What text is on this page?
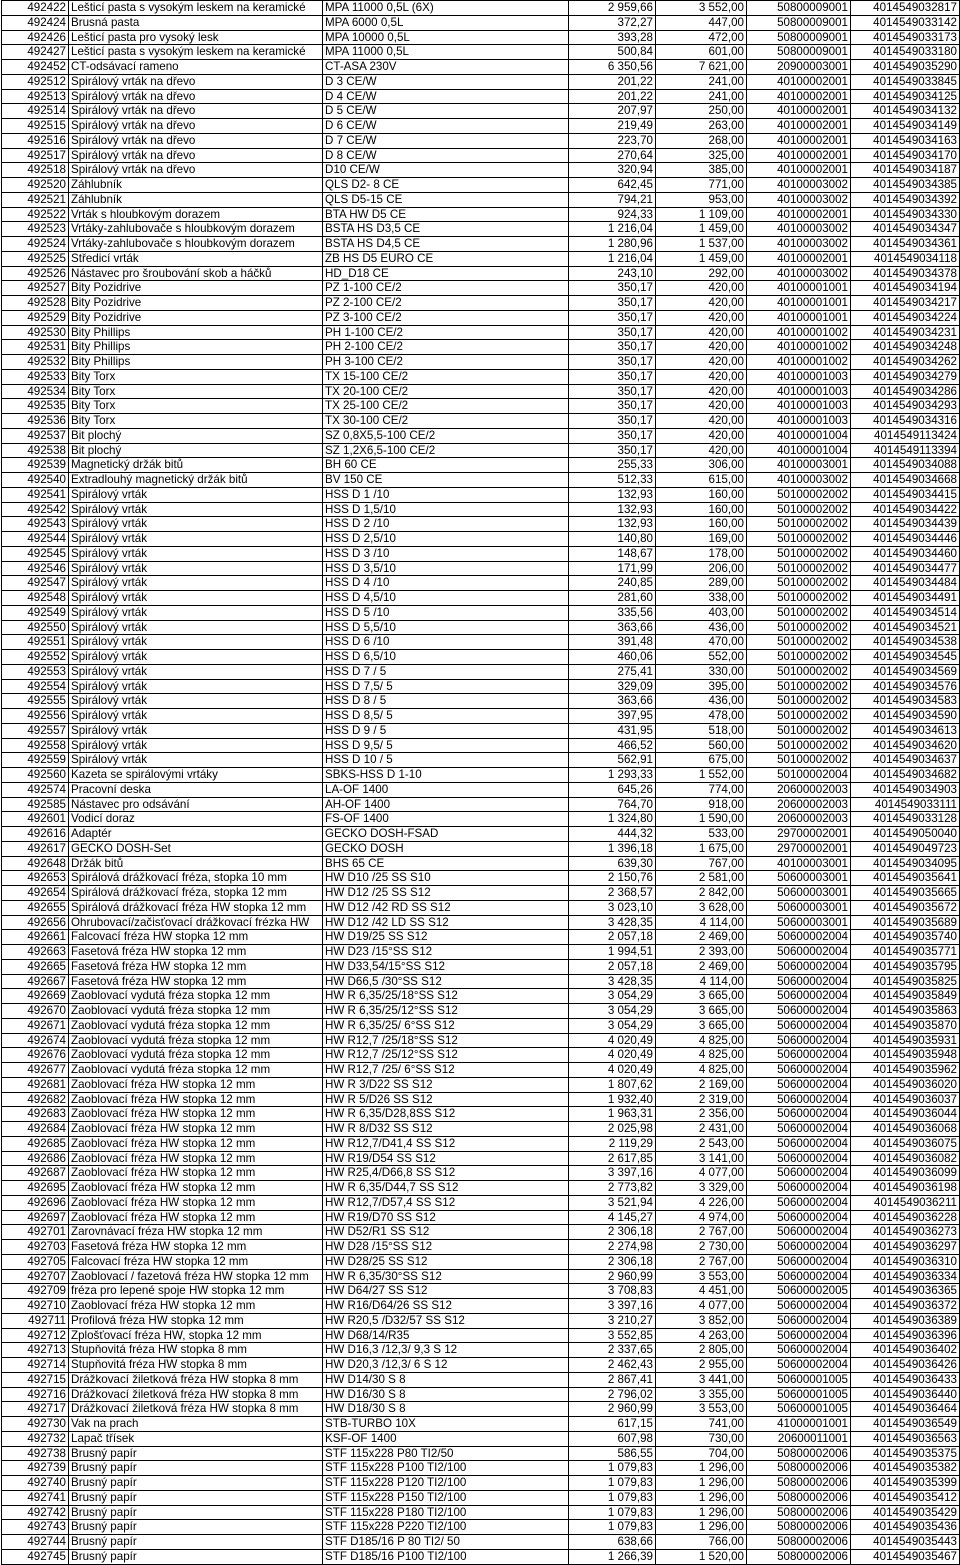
492422	Lešticí pasta s vysokým leskem na keramické	MPA 11000 0,5L (6X)	2 959,66	3 552,00	50800009001	4014549032817
492424	Brusná pasta	MPA 6000 0,5L	372,27	447,00	50800009001	4014549033142
492426	Lešticí pasta pro vysoký lesk	MPA 10000 0,5L	393,28	472,00	50800009001	4014549033173
492427	Lešticí pasta s vysokým leskem na keramické	MPA 11000 0,5L	500,84	601,00	50800009001	4014549033180
492452	CT-odsávací rameno	CT-ASA 230V	6 350,56	7 621,00	20900003001	4014549035290
492512	Spirálový vrták na dřevo	D 3 CE/W	201,22	241,00	40100002001	4014549033845
492513	Spirálový vrták na dřevo	D 4 CE/W	201,22	241,00	40100002001	4014549034125
492514	Spirálový vrták na dřevo	D 5 CE/W	207,97	250,00	40100002001	4014549034132
492515	Spirálový vrták na dřevo	D 6 CE/W	219,49	263,00	40100002001	4014549034149
492516	Spirálový vrták na dřevo	D 7 CE/W	223,70	268,00	40100002001	4014549034163
492517	Spirálový vrták na dřevo	D 8 CE/W	270,64	325,00	40100002001	4014549034170
492518	Spirálový vrták na dřevo	D10 CE/W	320,94	385,00	40100002001	4014549034187
492520	Záhlubník	QLS D2- 8 CE	642,45	771,00	40100003002	4014549034385
492521	Záhlubník	QLS D5-15 CE	794,21	953,00	40100003002	4014549034392
492522	Vrták s hloubkovým dorazem	BTA HW D5 CE	924,33	1 109,00	40100002001	4014549034330
492523	Vrtáky-zahlubovače s hloubkovým dorazem	BSTA HS D3,5 CE	1 216,04	1 459,00	40100003002	4014549034347
492524	Vrtáky-zahlubovače s hloubkovým dorazem	BSTA HS D4,5 CE	1 280,96	1 537,00	40100003002	4014549034361
492525	Středicí vrták	ZB HS D5 EURO CE	1 216,04	1 459,00	40100002001	4014549034118
492526	Nástavec pro šroubování skob a háčků	HD_D18 CE	243,10	292,00	40100003002	4014549034378
492527	Bity Pozidrive	PZ 1-100 CE/2	350,17	420,00	40100001001	4014549034194
492528	Bity Pozidrive	PZ 2-100 CE/2	350,17	420,00	40100001001	4014549034217
492529	Bity Pozidrive	PZ 3-100 CE/2	350,17	420,00	40100001001	4014549034224
492530	Bity Phillips	PH 1-100 CE/2	350,17	420,00	40100001002	4014549034231
492531	Bity Phillips	PH 2-100 CE/2	350,17	420,00	40100001002	4014549034248
492532	Bity Phillips	PH 3-100 CE/2	350,17	420,00	40100001002	4014549034262
492533	Bity Torx	TX 15-100 CE/2	350,17	420,00	40100001003	4014549034279
492534	Bity Torx	TX 20-100 CE/2	350,17	420,00	40100001003	4014549034286
492535	Bity Torx	TX 25-100 CE/2	350,17	420,00	40100001003	4014549034293
492536	Bity Torx	TX 30-100 CE/2	350,17	420,00	40100001003	4014549034316
492537	Bit plochý	SZ 0,8X5,5-100 CE/2	350,17	420,00	40100001004	4014549113424
492538	Bit plochý	SZ 1,2X6,5-100 CE/2	350,17	420,00	40100001004	4014549113394
492539	Magnetický držák bitů	BH 60 CE	255,33	306,00	40100003001	4014549034088
492540	Extradlouhý magnetický držák bitů	BV 150 CE	512,33	615,00	40100003002	4014549034668
492541	Spirálový vrták	HSS D 1 /10	132,93	160,00	50100002002	4014549034415
492542	Spirálový vrták	HSS D 1,5/10	132,93	160,00	50100002002	4014549034422
492543	Spirálový vrták	HSS D 2 /10	132,93	160,00	50100002002	4014549034439
492544	Spirálový vrták	HSS D 2,5/10	140,80	169,00	50100002002	4014549034446
492545	Spirálový vrták	HSS D 3 /10	148,67	178,00	50100002002	4014549034460
492546	Spirálový vrták	HSS D 3,5/10	171,99	206,00	50100002002	4014549034477
492547	Spirálový vrták	HSS D 4 /10	240,85	289,00	50100002002	4014549034484
492548	Spirálový vrták	HSS D 4,5/10	281,60	338,00	50100002002	4014549034491
492549	Spirálový vrták	HSS D 5 /10	335,56	403,00	50100002002	4014549034514
492550	Spirálový vrták	HSS D 5,5/10	363,66	436,00	50100002002	4014549034521
492551	Spirálový vrták	HSS D 6 /10	391,48	470,00	50100002002	4014549034538
492552	Spirálový vrták	HSS D 6,5/10	460,06	552,00	50100002002	4014549034545
492553	Spirálový vrták	HSS D 7 / 5	275,41	330,00	50100002002	4014549034569
492554	Spirálový vrták	HSS D 7,5/ 5	329,09	395,00	50100002002	4014549034576
492555	Spirálový vrták	HSS D 8 / 5	363,66	436,00	50100002002	4014549034583
492556	Spirálový vrták	HSS D 8,5/ 5	397,95	478,00	50100002002	4014549034590
492557	Spirálový vrták	HSS D 9 / 5	431,95	518,00	50100002002	4014549034613
492558	Spirálový vrták	HSS D 9,5/ 5	466,52	560,00	50100002002	4014549034620
492559	Spirálový vrták	HSS D 10 / 5	562,91	675,00	50100002002	4014549034637
492560	Kazeta se spirálovými vrtáky	SBKS-HSS D 1-10	1 293,33	1 552,00	50100002004	4014549034682
492574	Pracovní deska	LA-OF 1400	645,26	774,00	20600002003	4014549034903
492585	Nástavec pro odsávání	AH-OF 1400	764,70	918,00	20600002003	4014549033111
492601	Vodicí doraz	FS-OF 1400	1 324,80	1 590,00	20600002003	4014549033128
492616	Adaptér	GECKO DOSH-FSAD	444,32	533,00	29700002001	4014549050040
492617	GECKO DOSH-Set	GECKO DOSH	1 396,18	1 675,00	29700002001	4014549049723
492648	Držák bitů	BHS 65 CE	639,30	767,00	40100003001	4014549034095
492653	Spirálová drážkovací fréza, stopka 10 mm	HW D10 /25 SS S10	2 150,76	2 581,00	50600003001	4014549035641
492654	Spirálová drážkovací fréza, stopka 12 mm	HW D12 /25 SS S12	2 368,57	2 842,00	50600003001	4014549035665
492655	Spirálová drážkovací fréza HW stopka 12 mm	HW D12 /42 RD SS S12	3 023,10	3 628,00	50600003001	4014549035672
492656	Ohrubovací/začisťovací drážkovací frézka HW	HW D12 /42 LD SS S12	3 428,35	4 114,00	50600003001	4014549035689
492661	Falcovací fréza HW stopka 12 mm	HW D19/25 SS S12	2 057,18	2 469,00	50600002004	4014549035740
492663	Fasetová fréza HW stopka 12 mm	HW D23 /15°SS S12	1 994,51	2 393,00	50600002004	4014549035771
492665	Fasetová fréza HW stopka 12 mm	HW D33,54/15°SS S12	2 057,18	2 469,00	50600002004	4014549035795
492667	Fasetová fréza HW stopka 12 mm	HW D66,5 /30°SS S12	3 428,35	4 114,00	50600002004	4014549035825
492669	Zaoblovací vydutá fréza stopka 12 mm	HW R 6,35/25/18°SS S12	3 054,29	3 665,00	50600002004	4014549035849
492670	Zaoblovací vydutá fréza stopka 12 mm	HW R 6,35/25/12°SS S12	3 054,29	3 665,00	50600002004	4014549035863
492671	Zaoblovací vydutá fréza stopka 12 mm	HW R 6,35/25/ 6°SS S12	3 054,29	3 665,00	50600002004	4014549035870
492674	Zaoblovací vydutá fréza stopka 12 mm	HW R12,7 /25/18°SS S12	4 020,49	4 825,00	50600002004	4014549035931
492676	Zaoblovací vydutá fréza stopka 12 mm	HW R12,7 /25/12°SS S12	4 020,49	4 825,00	50600002004	4014549035948
492677	Zaoblovací vydutá fréza stopka 12 mm	HW R12,7 /25/ 6°SS S12	4 020,49	4 825,00	50600002004	4014549035962
492681	Zaoblovací fréza HW stopka 12 mm	HW R 3/D22 SS S12	1 807,62	2 169,00	50600002004	4014549036020
492682	Zaoblovací fréza HW stopka 12 mm	HW R 5/D26 SS S12	1 932,40	2 319,00	50600002004	4014549036037
492683	Zaoblovací fréza HW stopka 12 mm	HW R 6,35/D28,8SS S12	1 963,31	2 356,00	50600002004	4014549036044
492684	Zaoblovací fréza HW stopka 12 mm	HW R 8/D32 SS S12	2 025,98	2 431,00	50600002004	4014549036068
492685	Zaoblovací fréza HW stopka 12 mm	HW R12,7/D41,4 SS S12	2 119,29	2 543,00	50600002004	4014549036075
492686	Zaoblovací fréza HW stopka 12 mm	HW R19/D54 SS S12	2 617,85	3 141,00	50600002004	4014549036082
492687	Zaoblovací fréza HW stopka 12 mm	HW R25,4/D66,8 SS S12	3 397,16	4 077,00	50600002004	4014549036099
492695	Zaoblovací fréza HW stopka 12 mm	HW R 6,35/D44,7 SS S12	2 773,82	3 329,00	50600002004	4014549036198
492696	Zaoblovací fréza HW stopka 12 mm	HW R12,7/D57,4 SS S12	3 521,94	4 226,00	50600002004	4014549036211
492697	Zaoblovací fréza HW stopka 12 mm	HW R19/D70 SS S12	4 145,27	4 974,00	50600002004	4014549036228
492701	Zarovnávací fréza HW stopka 12 mm	HW D52/R1 SS S12	2 306,18	2 767,00	50600002004	4014549036273
492703	Fasetová fréza HW stopka 12 mm	HW D28 /15°SS S12	2 274,98	2 730,00	50600002004	4014549036297
492705	Falcovací fréza HW stopka 12 mm	HW D28/25 SS S12	2 306,18	2 767,00	50600002004	4014549036310
492707	Zaoblovací / fazetová fréza HW stopka 12 mm	HW R 6,35/30°SS S12	2 960,99	3 553,00	50600002004	4014549036334
492709	fréza pro lepené spoje HW stopka 12 mm	HW D64/27 SS S12	3 708,83	4 451,00	50600002005	4014549036365
492710	Zaoblovací fréza HW stopka 12 mm	HW R16/D64/26 SS S12	3 397,16	4 077,00	50600002004	4014549036372
492711	Profilová fréza HW stopka 12 mm	HW R20,5 /D32/57 SS S12	3 210,27	3 852,00	50600002004	4014549036389
492712	Zplošťovací fréza HW, stopka 12 mm	HW D68/14/R35	3 552,85	4 263,00	50600002004	4014549036396
492713	Stupňovitá fréza HW stopka 8 mm	HW D16,3 /12,3/ 9,3 S 12	2 337,65	2 805,00	50600002004	4014549036402
492714	Stupňovitá fréza HW stopka 8 mm	HW D20,3 /12,3/ 6 S 12	2 462,43	2 955,00	50600002004	4014549036426
492715	Drážkovací žiletková fréza HW stopka 8 mm	HW D14/30 S 8	2 867,41	3 441,00	50600001005	4014549036433
492716	Drážkovací žiletková fréza HW stopka 8 mm	HW D16/30 S 8	2 796,02	3 355,00	50600001005	4014549036440
492717	Drážkovací žiletková fréza HW stopka 8 mm	HW D18/30 S 8	2 960,99	3 553,00	50600001005	4014549036464
492730	Vak na prach	STB-TURBO 10X	617,15	741,00	41000001001	4014549036549
492732	Lapač třísek	KSF-OF 1400	607,98	730,00	20600011001	4014549036563
492738	Brusný papír	STF 115x228 P80 TI2/50	586,55	704,00	50800002006	4014549035375
492739	Brusný papír	STF 115x228 P100 TI2/100	1 079,83	1 296,00	50800002006	4014549035382
492740	Brusný papír	STF 115x228 P120 TI2/100	1 079,83	1 296,00	50800002006	4014549035399
492741	Brusný papír	STF 115x228 P150 TI2/100	1 079,83	1 296,00	50800002006	4014549035412
492742	Brusný papír	STF 115x228 P180 TI2/100	1 079,83	1 296,00	50800002006	4014549035429
492743	Brusný papír	STF 115x228 P220 TI2/100	1 079,83	1 296,00	50800002006	4014549035436
492744	Brusný papír	STF D185/16 P 80 TI2/ 50	638,66	766,00	50800002006	4014549035443
492745	Brusný papír	STF D185/16 P100 TI2/100	1 266,39	1 520,00	50800002006	4014549035467
